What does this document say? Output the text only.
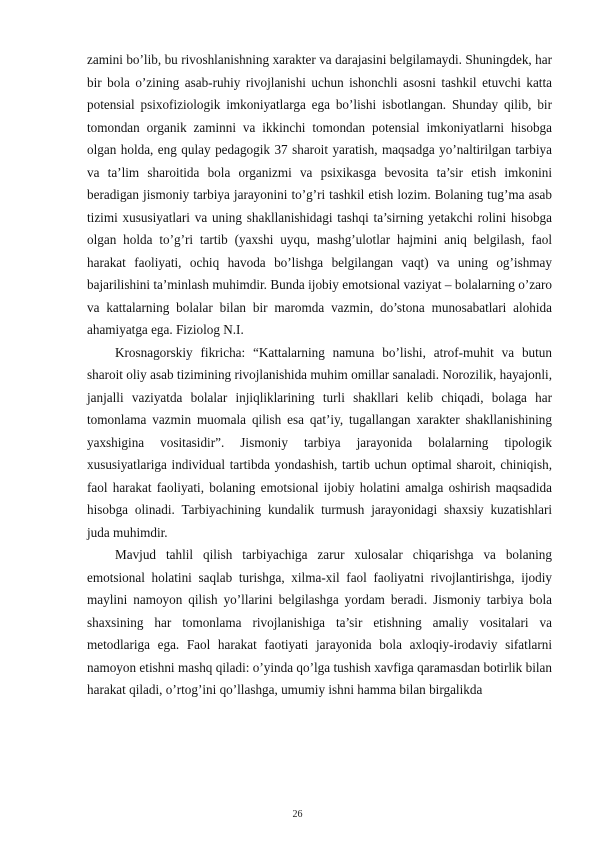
zamini bo’lib, bu rivoshlanishning xarakter va darajasini belgilamaydi. Shuningdek, har bir bola o’zining asab-ruhiy rivojlanishi uchun ishonchli asosni tashkil etuvchi katta potensial psixofiziologik imkoniyatlarga ega bo’lishi isbotlangan. Shunday qilib, bir tomondan organik zaminni va ikkinchi tomondan potensial imkoniyatlarni hisobga olgan holda, eng qulay pedagogik 37 sharoit yaratish, maqsadga yo’naltirilgan tarbiya va ta’lim sharoitida bola organizmi va psixikasga bevosita ta’sir etish imkonini beradigan jismoniy tarbiya jarayonini to’g’ri tashkil etish lozim. Bolaning tug’ma asab tizimi xususiyatlari va uning shakllanishidagi tashqi ta’sirning yetakchi rolini hisobga olgan holda to’g’ri tartib (yaxshi uyqu, mashg’ulotlar hajmini aniq belgilash, faol harakat faoliyati, ochiq havoda bo’lishga belgilangan vaqt) va uning og’ishmay bajarilishini ta’minlash muhimdir. Bunda ijobiy emotsional vaziyat – bolalarning o’zaro va kattalarning bolalar bilan bir maromda vazmin, do’stona munosabatlari alohida ahamiyatga ega. Fiziolog N.I.

Krosnagorskiy fikricha: “Kattalarning namuna bo’lishi, atrof-muhit va butun sharoit oliy asab tizimining rivojlanishida muhim omillar sanaladi. Norozilik, hayajonli, janjalli vaziyatda bolalar injiqliklarining turli shakllari kelib chiqadi, bolaga har tomonlama vazmin muomala qilish esa qat’iy, tugallangan xarakter shakllanishining yaxshigina vositasidir”. Jismoniy tarbiya jarayonida bolalarning tipologik xususiyatlariga individual tartibda yondashish, tartib uchun optimal sharoit, chiniqish, faol harakat faoliyati, bolaning emotsional ijobiy holatini amalga oshirish maqsadida hisobga olinadi. Tarbiyachining kundalik turmush jarayonidagi shaxsiy kuzatishlari juda muhimdir.

Mavjud tahlil qilish tarbiyachiga zarur xulosalar chiqarishga va bolaning emotsional holatini saqlab turishga, xilma-xil faol faoliyatni rivojlantirishga, ijodiy maylini namoyon qilish yo’llarini belgilashga yordam beradi. Jismoniy tarbiya bola shaxsining har tomonlama rivojlanishiga ta’sir etishning amaliy vositalari va metodlariga ega. Faol harakat faotiyati jarayonida bola axloqiy-irodaviy sifatlarni namoyon etishni mashq qiladi: o’yinda qo’lga tushish xavfiga qaramasdan botirlik bilan harakat qiladi, o’rtog’ini qo’llashga, umumiy ishni hamma bilan birgalikda

26
